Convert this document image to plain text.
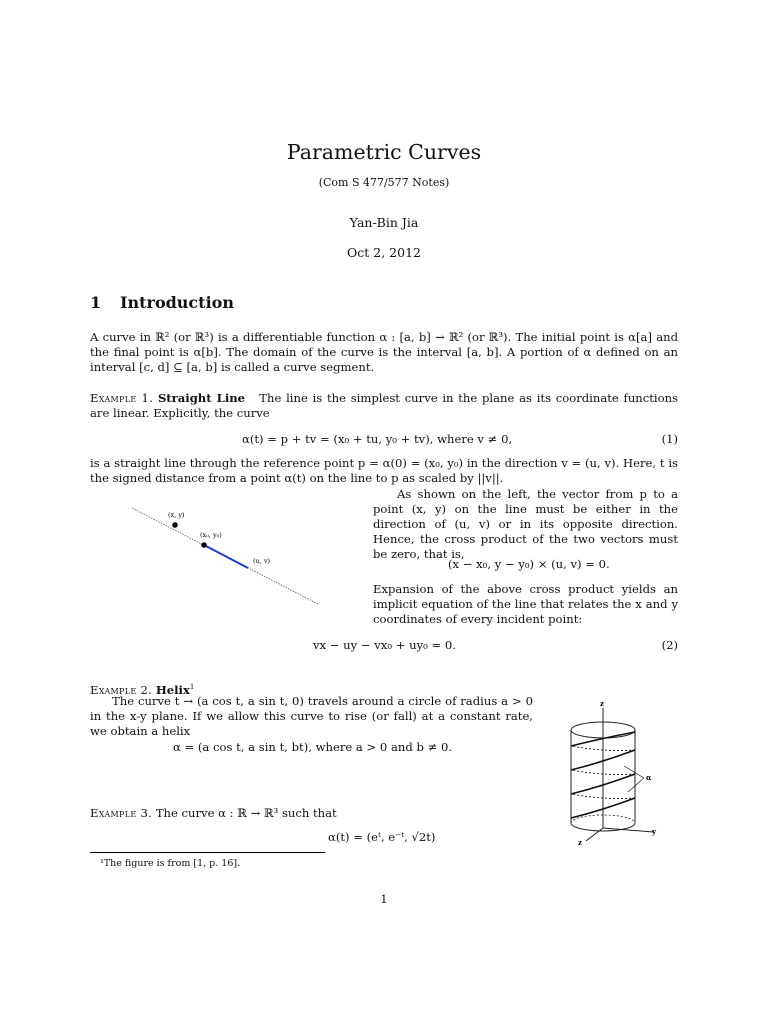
Parametric Curves
(Com S 477/577 Notes)
Yan-Bin Jia
Oct 2, 2012
1 Introduction
A curve in ℝ² (or ℝ³) is a differentiable function α : [a, b] → ℝ² (or ℝ³). The initial point is α[a] and the final point is α[b]. The domain of the curve is the interval [a, b]. A portion of α defined on an interval [c, d] ⊆ [a, b] is called a curve segment.
Example 1. Straight Line The line is the simplest curve in the plane as its coordinate functions are linear. Explicitly, the curve
α(t) = p + tv = (x₀ + tu, y₀ + tv), where v ≠ 0,	(1)
is a straight line through the reference point p = α(0) = (x₀, y₀) in the direction v = (u, v). Here, t is the signed distance from a point α(t) on the line to p as scaled by ||v||.
(x, y)
(x₀, y₀)
(u, v)
As shown on the left, the vector from p to a point (x, y) on the line must be either in the direction of (u, v) or in its opposite direction. Hence, the cross product of the two vectors must be zero, that is,
(x − x₀, y − y₀) × (u, v) = 0.
Expansion of the above cross product yields an implicit equation of the line that relates the x and y coordinates of every incident point:
vx − uy − vx₀ + uy₀ = 0.	(2)
Example 2. Helix$^1$
The curve t → (a cos t, a sin t, 0) travels around a circle of radius a > 0 in the x-y plane. If we allow this curve to rise (or fall) at a constant rate, we obtain a helix
α = (a cos t, a sin t, bt), where a > 0 and b ≠ 0.
z
y
z
α
Example 3. The curve α : ℝ → ℝ³ such that
α(t) = (eᵗ, e⁻ᵗ, √2t)
¹The figure is from [1, p. 16].
1
